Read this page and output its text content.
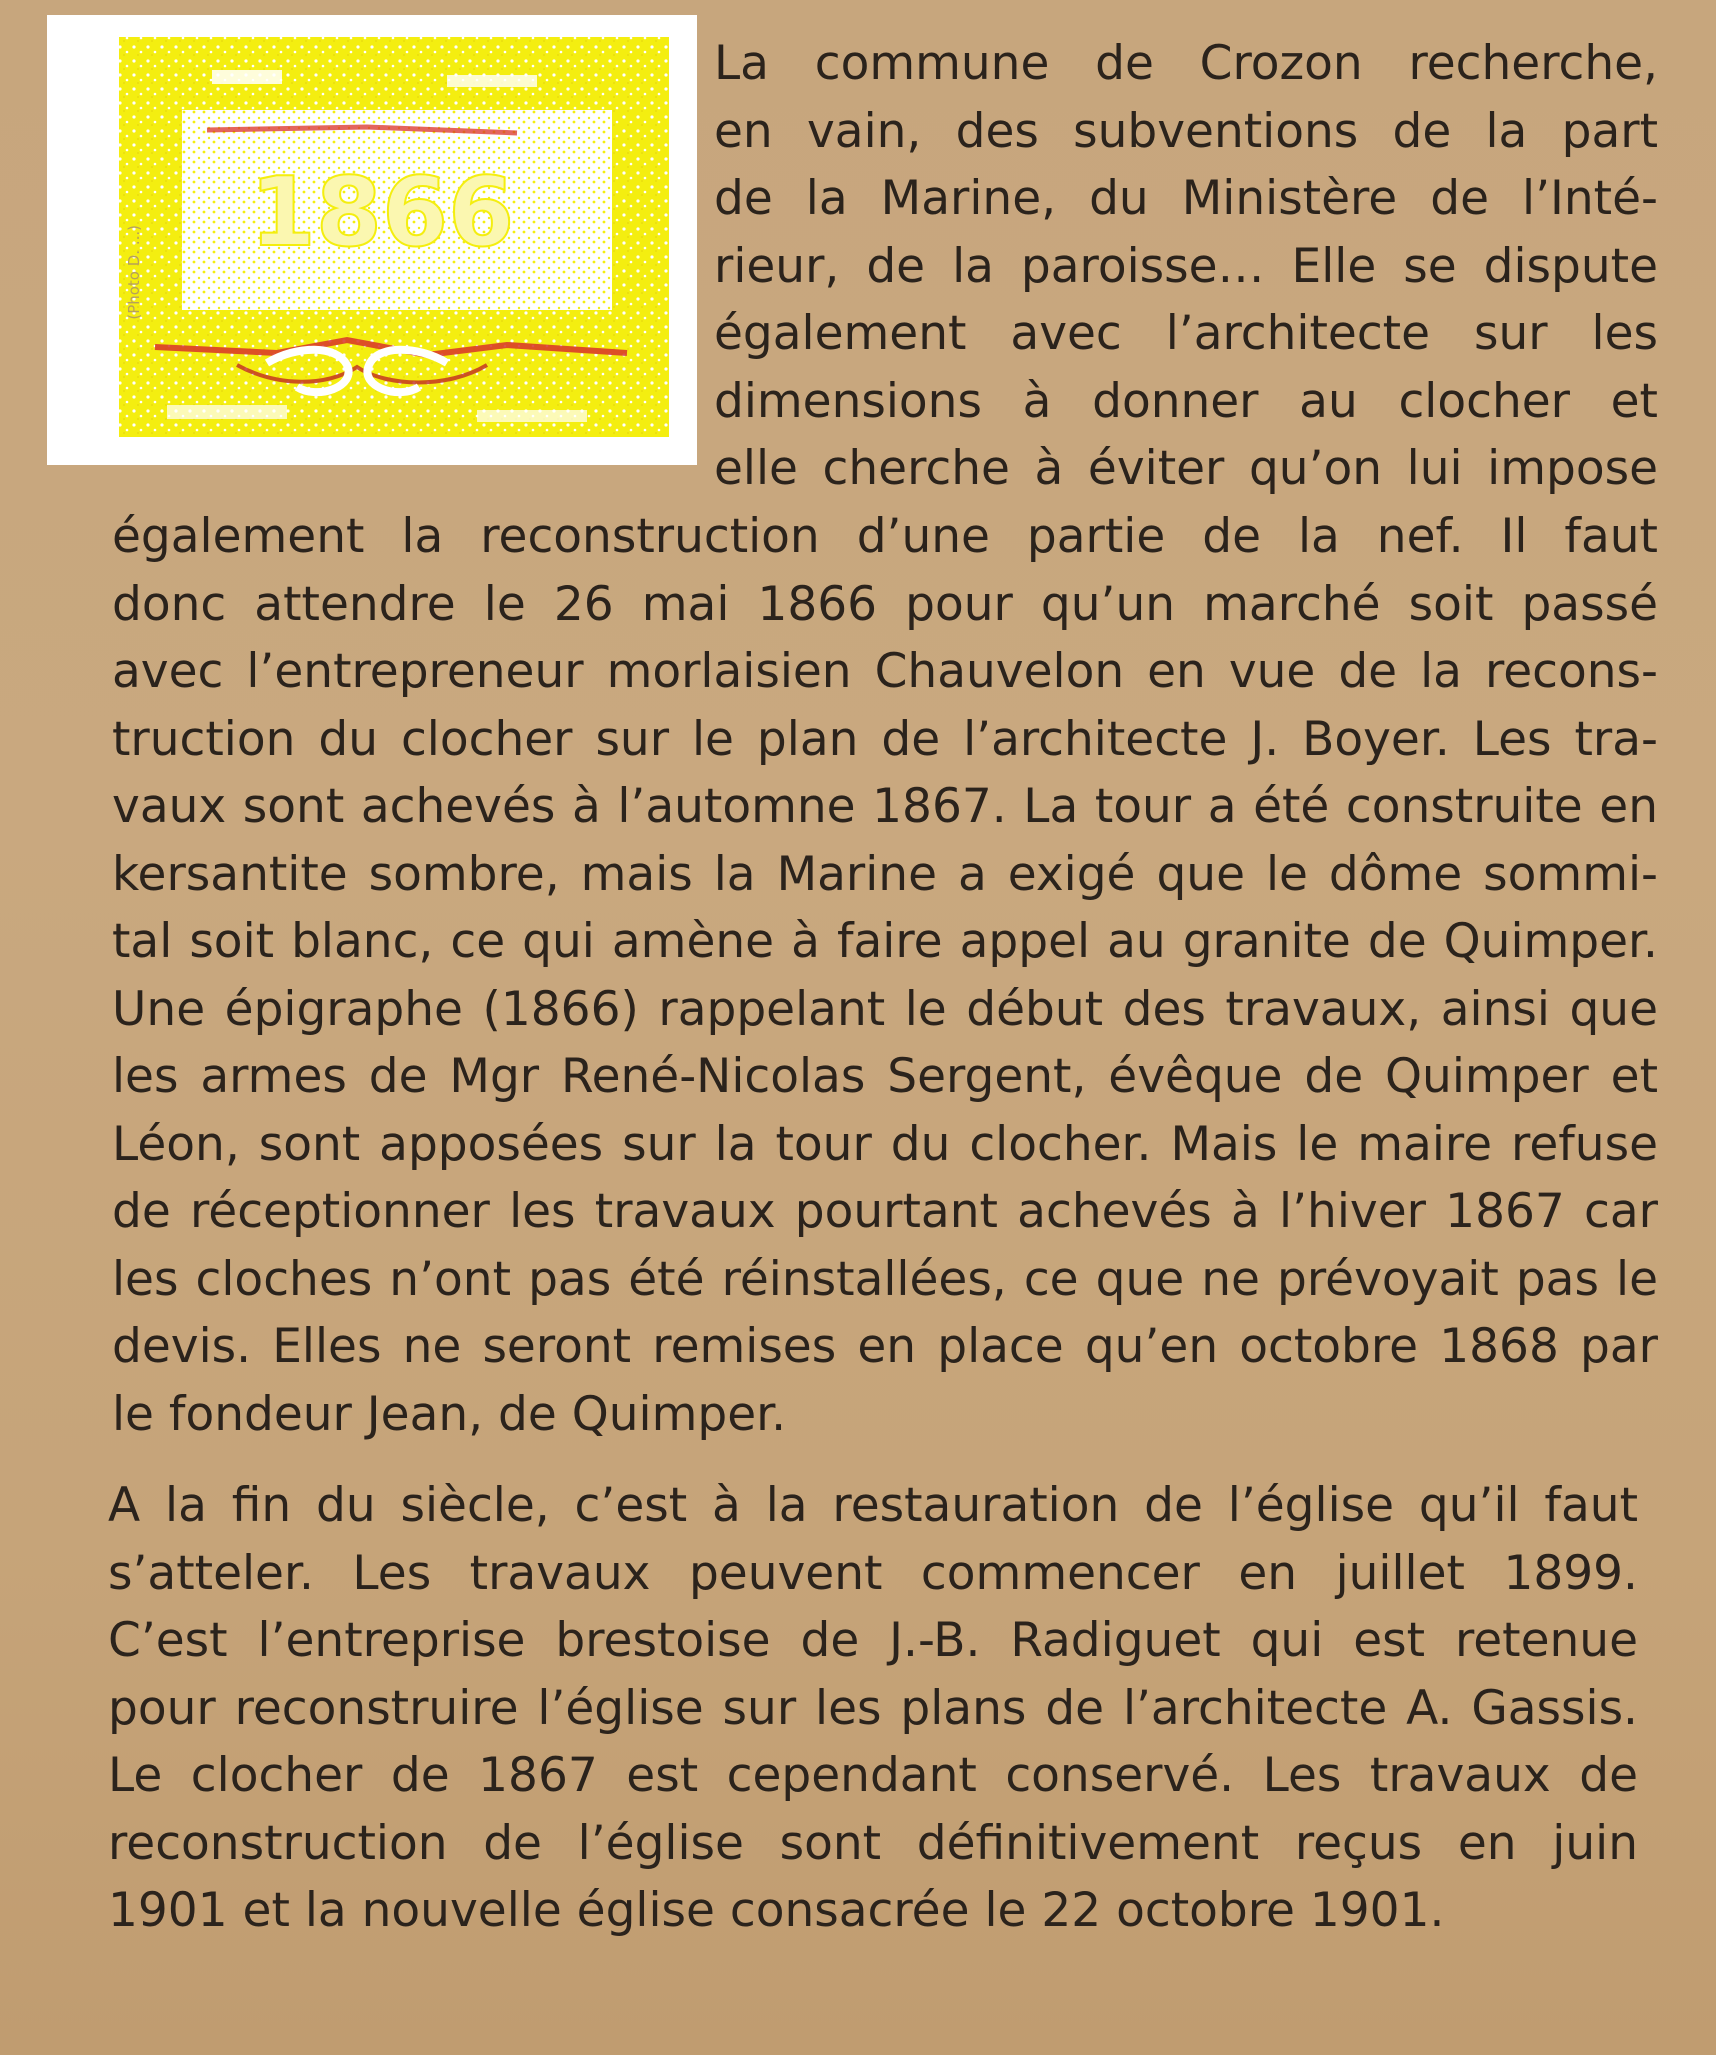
1866
(Photo D. ...)
La commune de Crozon recherche,
en vain, des subventions de la part
de la Marine, du Ministère de l’Inté-
rieur, de la paroisse… Elle se dispute
également avec l’architecte sur les
dimensions à donner au clocher et
elle cherche à éviter qu’on lui impose
également la reconstruction d’une partie de la nef. Il faut
donc attendre le 26 mai 1866 pour qu’un marché soit passé
avec l’entrepreneur morlaisien Chauvelon en vue de la recons-
truction du clocher sur le plan de l’architecte J. Boyer. Les tra-
vaux sont achevés à l’automne 1867. La tour a été construite en
kersantite sombre, mais la Marine a exigé que le dôme sommi-
tal soit blanc, ce qui amène à faire appel au granite de Quimper.
Une épigraphe (1866) rappelant le début des travaux, ainsi que
les armes de Mgr René-Nicolas Sergent, évêque de Quimper et
Léon, sont apposées sur la tour du clocher. Mais le maire refuse
de réceptionner les travaux pourtant achevés à l’hiver 1867 car
les cloches n’ont pas été réinstallées, ce que ne prévoyait pas le
devis. Elles ne seront remises en place qu’en octobre 1868 par
le fondeur Jean, de Quimper.
A la fin du siècle, c’est à la restauration de l’église qu’il faut
s’atteler. Les travaux peuvent commencer en juillet 1899.
C’est l’entreprise brestoise de J.-B. Radiguet qui est retenue
pour reconstruire l’église sur les plans de l’architecte A. Gassis.
Le clocher de 1867 est cependant conservé. Les travaux de
reconstruction de l’église sont définitivement reçus en juin
1901 et la nouvelle église consacrée le 22 octobre 1901.
